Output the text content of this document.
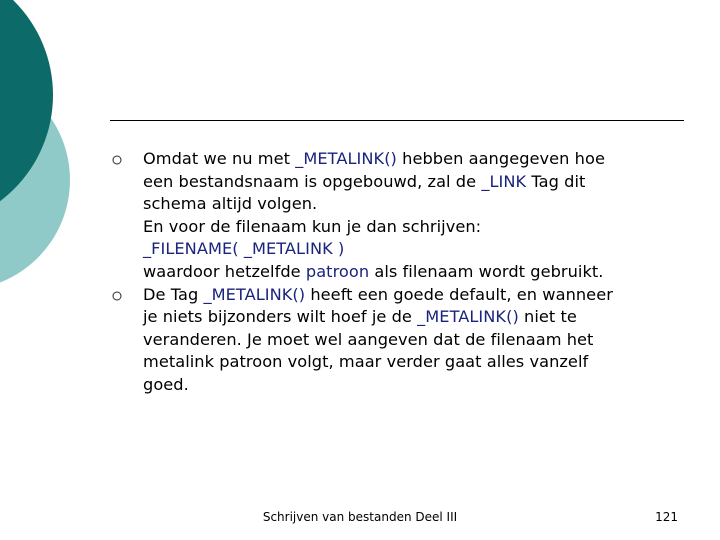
Omdat we nu met _METALINK() hebben aangegeven hoe
een bestandsnaam is opgebouwd, zal de _LINK Tag dit
schema altijd volgen.
En voor de filenaam kun je dan schrijven:
_FILENAME( _METALINK )
waardoor hetzelfde patroon als filenaam wordt gebruikt.
De Tag _METALINK() heeft een goede default, en wanneer
je niets bijzonders wilt hoef je de _METALINK() niet te
veranderen. Je moet wel aangeven dat de filenaam het
metalink patroon volgt, maar verder gaat alles vanzelf
goed.
Schrijven van bestanden Deel III	121
